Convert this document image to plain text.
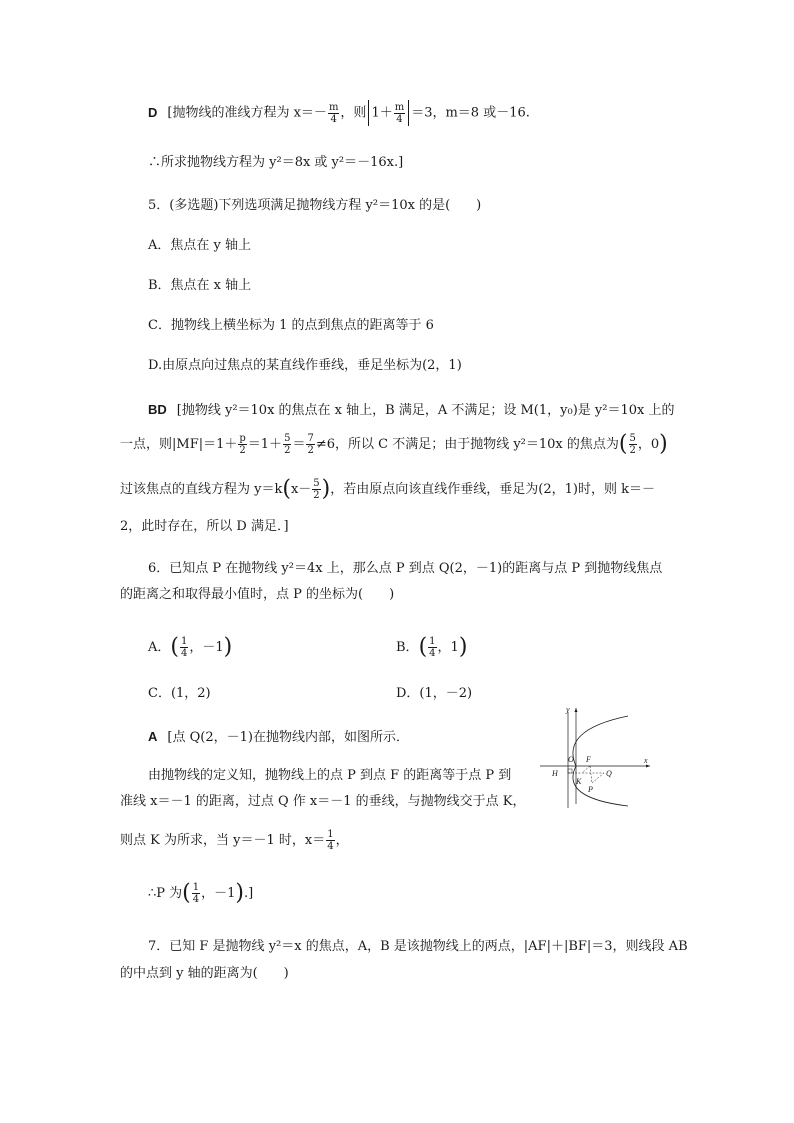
D [抛物线的准线方程为 $x=- \frac{m}{4}$ ，则 $1+ \frac{m}{4} =3$，m＝8 或－16.
∴所求抛物线方程为 y²＝8x 或 y²＝－16x.]
5．(多选题)下列选项满足抛物线方程 y²＝10x 的是(　　)
A．焦点在 y 轴上
B．焦点在 x 轴上
C．抛物线上横坐标为 1 的点到焦点的距离等于 6
D.由原点向过焦点的某直线作垂线，垂足坐标为(2，1)
BD [抛物线 y²＝10x 的焦点在 x 轴上，B 满足，A 不满足；设 M(1，y₀)是 y²＝10x 上的
一点，则$|MF|=1+ \frac{p}{2} =1+ \frac{5}{2} = \frac{7}{2} \ne 6$，所以 C 不满足；由于抛物线 y²＝10x 的焦点为( $\frac{5}{2}$ ，0)
过该焦点的直线方程为 $y=k(x- \frac{5}{2}$ )，若由原点向该直线作垂线，垂足为(2，1)时，则 k＝－
2，此时存在，所以 D 满足．]
6．已知点 P 在抛物线 y²＝4x 上，那么点 P 到点 Q(2，－1)的距离与点 P 到抛物线焦点
的距离之和取得最小值时，点 P 的坐标为(　　)
A．( $\frac{1}{4}$ ，－1)	B．( $\frac{1}{4}$ ，1)
C．(1，2)	D．(1，－2)
A [点 Q(2，－1)在抛物线内部，如图所示．
由抛物线的定义知，抛物线上的点 P 到点 F 的距离等于点 P 到
准线 x＝－1 的距离，过点 Q 作 x＝－1 的垂线，与抛物线交于点 K，
则点 K 为所求，当 y＝－1 时，$x= \frac{1}{4}$ ，
∴P 为( $\frac{1}{4}$ ，－1).]
y
x
O F
H
K
Q
P
7．已知 F 是抛物线 y²＝x 的焦点，A，B 是该抛物线上的两点，|AF|＋|BF|＝3，则线段 AB
的中点到 y 轴的距离为(　　)
